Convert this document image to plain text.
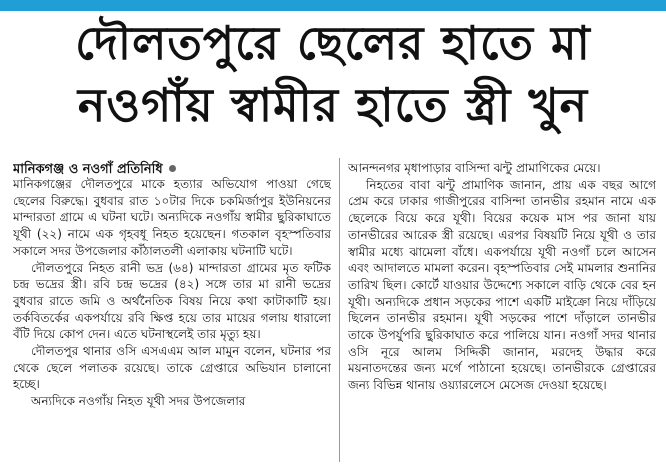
দৌলতপুরে ছেলের হাতে মা
নওগাঁয় স্বামীর হাতে স্ত্রী খুন
মানিকগঞ্জ ও নওগাঁ প্রতিনিধি

মানিকগঞ্জের দৌলতপুরে মাকে হত্যার অভিযোগ পাওয়া গেছে ছেলের বিরুদ্ধে। বুধবার রাত ১০টার দিকে চকমির্জাপুর ইউনিয়নের মান্দারতা গ্রামে এ ঘটনা ঘটে। অন্যদিকে নওগাঁয় স্বামীর ছুরিকাঘাতে যূথী (২২) নামে এক গৃহবধূ নিহত হয়েছেন। গতকাল বৃহস্পতিবার সকালে সদর উপজেলার কাঁঠালতলী এলাকায় ঘটনাটি ঘটে।

দৌলতপুরে নিহত রানী ভদ্র (৬৪) মান্দারতা গ্রামের মৃত ফটিক চন্দ্র ভদ্রের স্ত্রী। রবি চন্দ্র ভদ্রের (৪২) সঙ্গে তার মা রানী ভদ্রের বুধবার রাতে জমি ও অর্থনৈতিক বিষয় নিয়ে কথা কাটাকাটি হয়। তর্কবিতর্কের একপর্যায়ে রবি ক্ষিপ্ত হয়ে তার মায়ের গলায় ধারালো বঁটি দিয়ে কোপ দেন। এতে ঘটনাস্থলেই তার মৃত্যু হয়।

দৌলতপুর থানার ওসি এসএএম আল মামুন বলেন, ঘটনার পর থেকে ছেলে পলাতক রয়েছে। তাকে গ্রেপ্তারে অভিযান চালানো হচ্ছে।

অন্যদিকে নওগাঁয় নিহত যূথী সদর উপজেলার

আনন্দনগর মৃধাপাড়ার বাসিন্দা ঝন্টু প্রামাণিকের মেয়ে।

নিহতের বাবা ঝন্টু প্রামাণিক জানান, প্রায় এক বছর আগে প্রেম করে ঢাকার গাজীপুরের বাসিন্দা তানভীর রহমান নামে এক ছেলেকে বিয়ে করে যূথী। বিয়ের কয়েক মাস পর জানা যায় তানভীরের আরেক স্ত্রী রয়েছে। এরপর বিষয়টি নিয়ে যূথী ও তার স্বামীর মধ্যে ঝামেলা বাঁধে। একপর্যায়ে যূথী নওগাঁ চলে আসেন এবং আদালতে মামলা করেন। বৃহস্পতিবার সেই মামলার শুনানির তারিখ ছিল। কোর্টে যাওয়ার উদ্দেশ্যে সকালে বাড়ি থেকে বের হন যূথী। অন্যদিকে প্রধান সড়কের পাশে একটি মাইক্রো নিয়ে দাঁড়িয়ে ছিলেন তানভীর রহমান। যূথী সড়কের পাশে দাঁড়ালে তানভীর তাকে উপর্যুপরি ছুরিকাঘাত করে পালিয়ে যান। নওগাঁ সদর থানার ওসি নূরে আলম সিদ্দিকী জানান, মরদেহ উদ্ধার করে ময়নাতদন্তের জন্য মর্গে পাঠানো হয়েছে। তানভীরকে গ্রেপ্তারের জন্য বিভিন্ন থানায় ওয়্যারলেসে মেসেজ দেওয়া হয়েছে।
